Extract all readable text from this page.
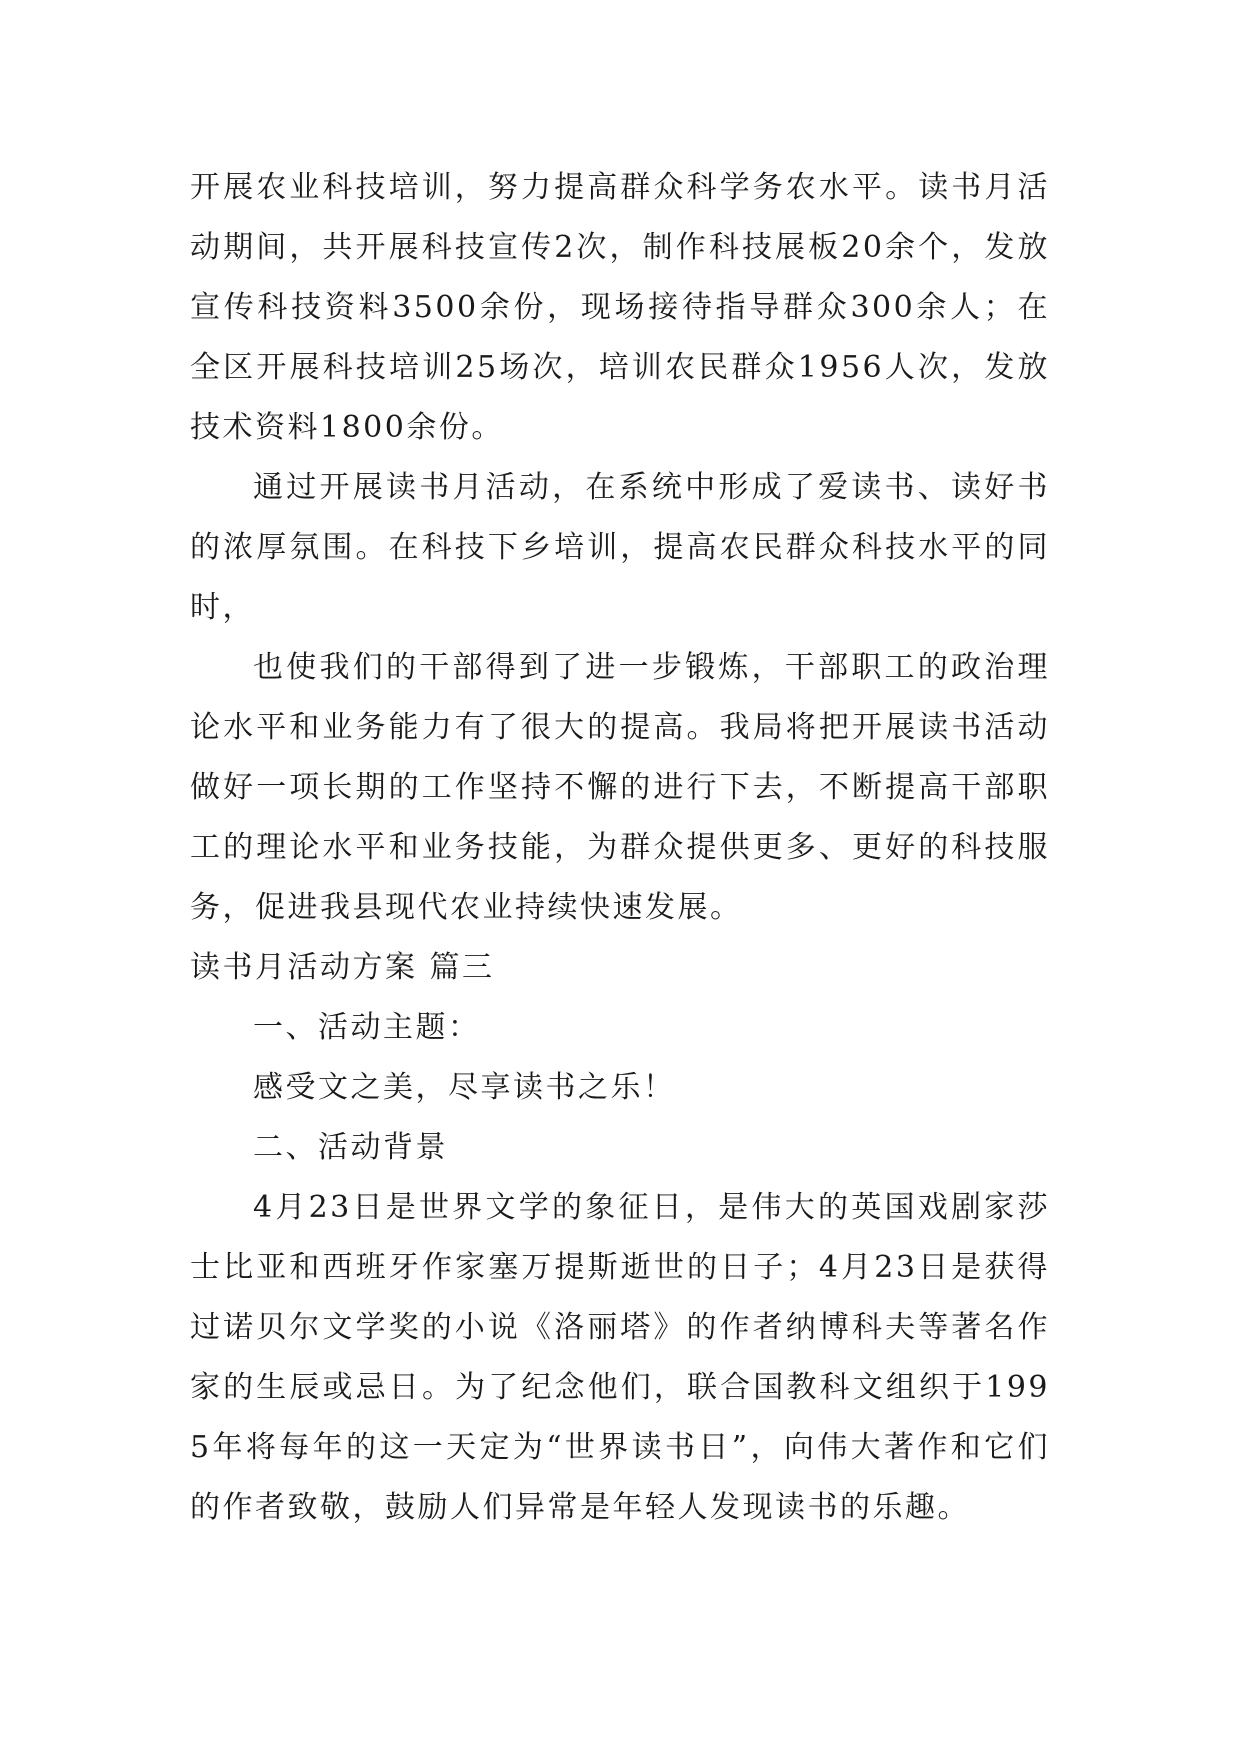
开展农业科技培训，努力提高群众科学务农水平。读书月活动期间，共开展科技宣传2次，制作科技展板20余个，发放宣传科技资料3500余份，现场接待指导群众300余人；在全区开展科技培训25场次，培训农民群众1956人次，发放技术资料1800余份。

通过开展读书月活动，在系统中形成了爱读书、读好书的浓厚氛围。在科技下乡培训，提高农民群众科技水平的同时，

也使我们的干部得到了进一步锻炼，干部职工的政治理论水平和业务能力有了很大的提高。我局将把开展读书活动做好一项长期的工作坚持不懈的进行下去，不断提高干部职工的理论水平和业务技能，为群众提供更多、更好的科技服务，促进我县现代农业持续快速发展。

读书月活动方案 篇三

一、活动主题：

感受文之美，尽享读书之乐！

二、活动背景

4月23日是世界文学的象征日，是伟大的英国戏剧家莎士比亚和西班牙作家塞万提斯逝世的日子；4月23日是获得过诺贝尔文学奖的小说《洛丽塔》的作者纳博科夫等著名作家的生辰或忌日。为了纪念他们，联合国教科文组织于1995年将每年的这一天定为“世界读书日”，向伟大著作和它们的作者致敬，鼓励人们异常是年轻人发现读书的乐趣。
